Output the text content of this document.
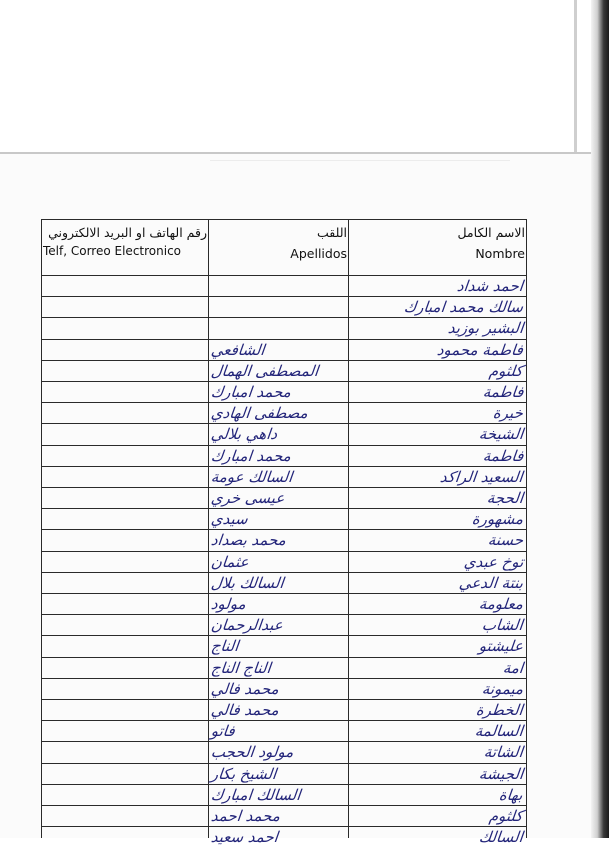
رقم الهاتف او البريد الالكتروني
Telf, Correo Electronico
اللقب
Apellidos
الاسم الكامل
Nombre
احمد شداد
سالك محمد امبارك
البشير بوزيد
فاطمة محمود
كلثوم
فاطمة
خيرة
الشيخة
فاطمة
السعيد الراكد
الحجة
مشهورة
حسنة
توخ عبدي
بنتة الدعي
معلومة
الشاب
عليشتو
امة
ميمونة
الخطرة
السالمة
الشاتة
الجيشة
بهاة
كلثوم
السالك
الشافعي
المصطفى الهمال
محمد امبارك
مصطفى الهادي
داهي بلالي
محمد امبارك
السالك عومة
عيسى خري
سيدي
محمد بصداد
عثمان
السالك بلال
مولود
عبدالرحمان
الناج
الناج الناج
محمد فالي
محمد فالي
فاتو
مولود الحجب
الشيخ بكار
السالك امبارك
محمد احمد
احمد سعيد
